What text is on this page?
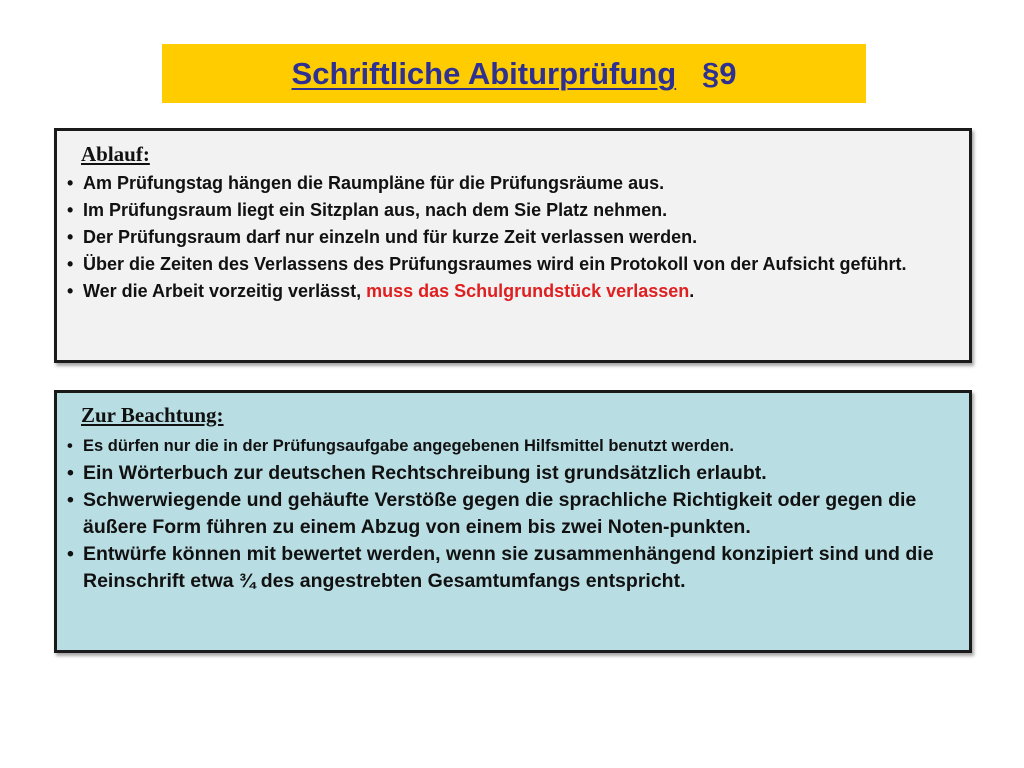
Schriftliche Abiturprüfung §9
Ablauf:
• Am Prüfungstag hängen die Raumpläne für die Prüfungsräume aus.
• Im Prüfungsraum liegt ein Sitzplan aus, nach dem Sie Platz nehmen.
• Der Prüfungsraum darf nur einzeln und für kurze Zeit verlassen werden.
• Über die Zeiten des Verlassens des Prüfungsraumes wird ein Protokoll von der Aufsicht geführt.
• Wer die Arbeit vorzeitig verlässt, muss das Schulgrundstück verlassen.
Zur Beachtung:
• Es dürfen nur die in der Prüfungsaufgabe angegebenen Hilfsmittel benutzt werden.
• Ein Wörterbuch zur deutschen Rechtschreibung ist grundsätzlich erlaubt.
• Schwerwiegende und gehäufte Verstöße gegen die sprachliche Richtigkeit oder gegen die äußere Form führen zu einem Abzug von einem bis zwei Noten-punkten.
• Entwürfe können mit bewertet werden, wenn sie zusammenhängend konzipiert sind und die Reinschrift etwa ¾ des angestrebten Gesamtumfangs entspricht.
